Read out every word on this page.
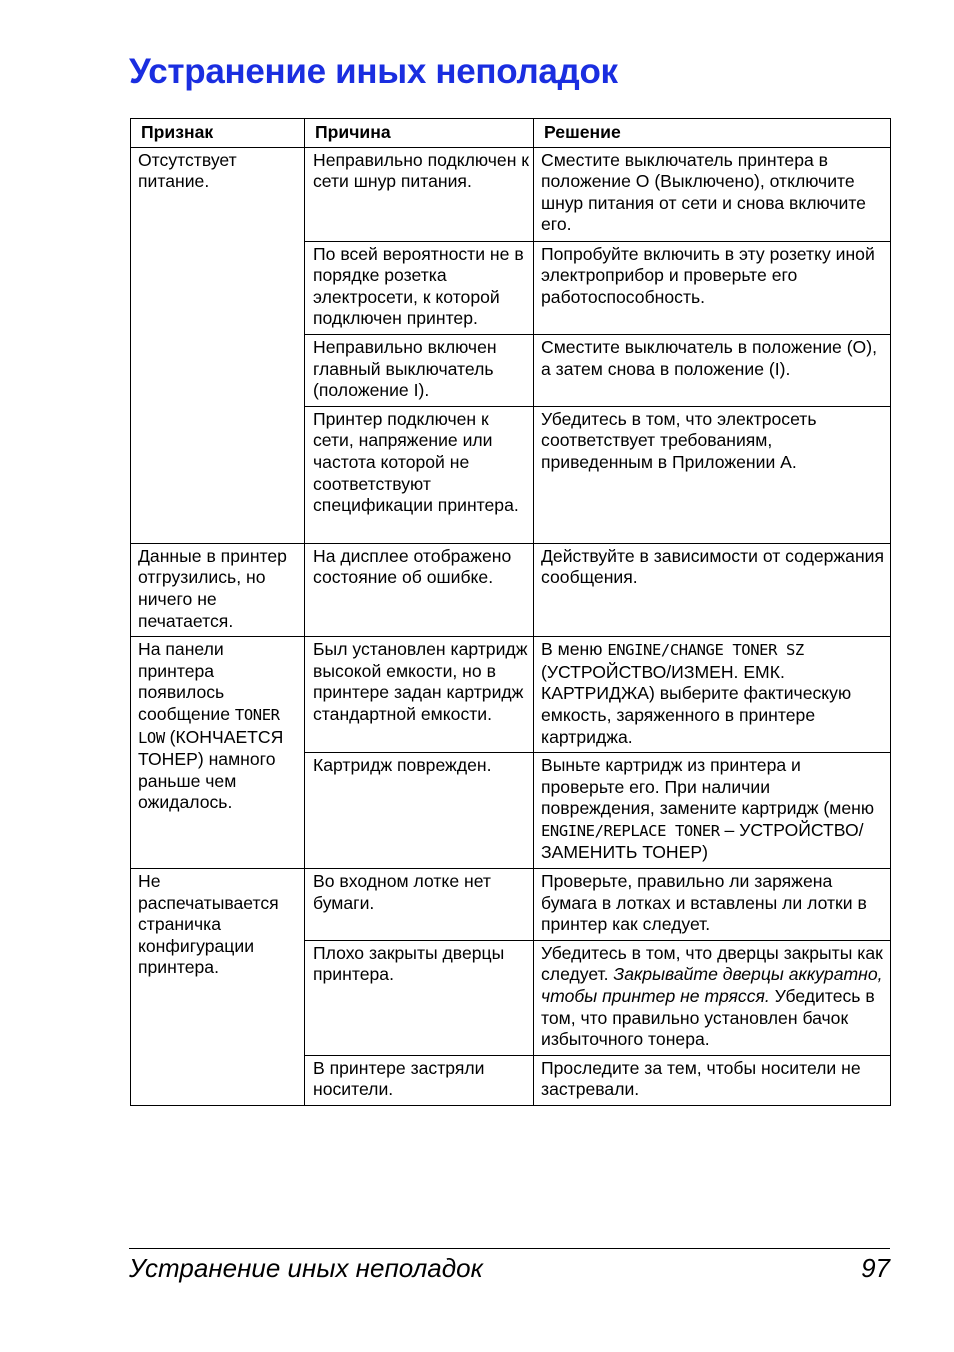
Устранение иных неполадок
Признак	Причина	Решение
Отсутствует питание.	Неправильно подключен к сети шнур питания.	Сместите выключатель принтера в положение O (Выключено), отключите шнур питания от сети и снова включите его.
	По всей вероятности не в порядке розетка электросети, к которой подключен принтер.	Попробуйте включить в эту розетку иной электроприбор и проверьте его работоспособность.
	Неправильно включен главный выключатель (положение I).	Сместите выключатель в положение (O), а затем снова в положение (I).
	Принтер подключен к сети, напряжение или частота которой не соответствуют спецификации принтера.	Убедитесь в том, что электросеть соответствует требованиям, приведенным в Приложении A.
Данные в принтер отгрузились, но ничего не печатается.	На дисплее отображено состояние об ошибке.	Действуйте в зависимости от содержания сообщения.
На панели принтера появилось сообщение TONER LOW (КОНЧАЕТСЯ ТОНЕР) намного раньше чем ожидалось.	Был установлен картридж высокой емкости, но в принтере задан картридж стандартной емкости.	В меню ENGINE/CHANGE TONER SZ (УСТРОЙСТВО/ИЗМЕН. ЕМК. КАРТРИДЖА) выберите фактическую емкость, заряженного в принтере картриджа.
	Картридж поврежден.	Выньте картридж из принтера и проверьте его. При наличии повреждения, замените картридж (меню ENGINE/REPLACE TONER – УСТРОЙСТВО/ЗАМЕНИТЬ ТОНЕР)
Не распечатывается страничка конфигурации принтера.	Во входном лотке нет бумаги.	Проверьте, правильно ли заряжена бумага в лотках и вставлены ли лотки в принтер как следует.
	Плохо закрыты дверцы принтера.	Убедитесь в том, что дверцы закрыты как следует. Закрывайте дверцы аккуратно, чтобы принтер не трясся. Убедитесь в том, что правильно установлен бачок избыточного тонера.
	В принтере застряли носители.	Проследите за тем, чтобы носители не застревали.
Устранение иных неполадок	97
